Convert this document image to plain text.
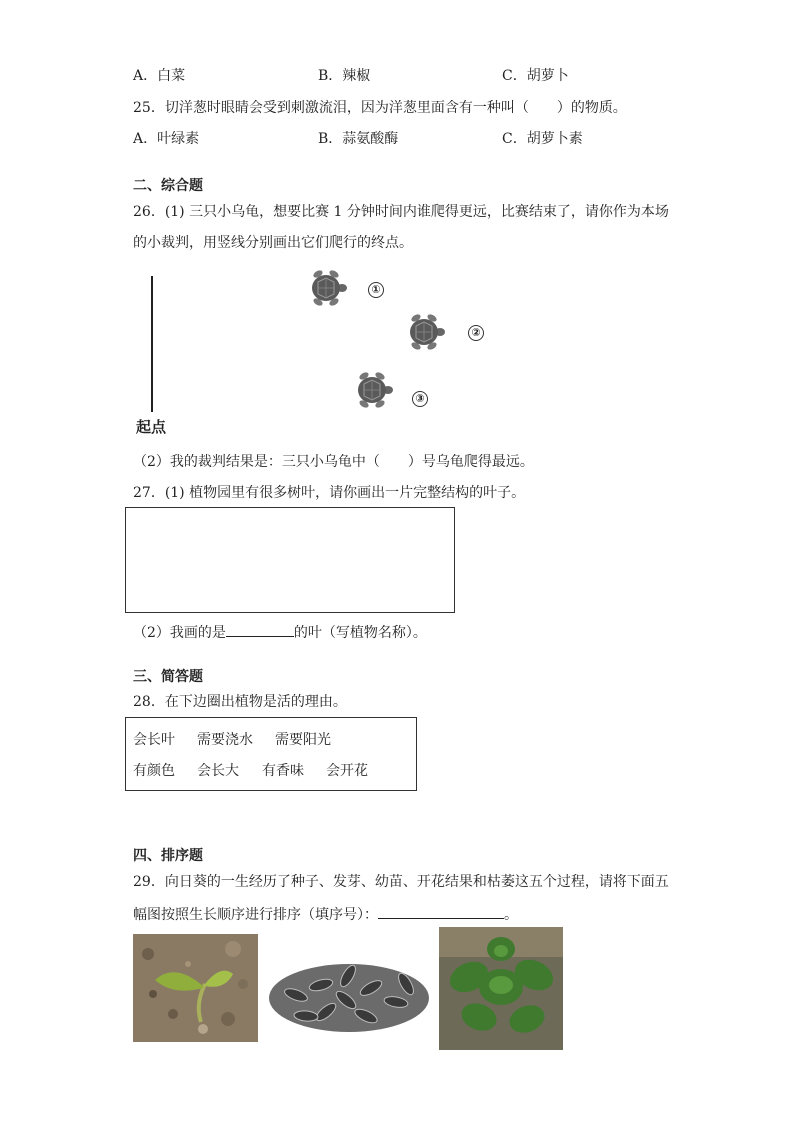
A．白菜	B．辣椒	C．胡萝卜
25．切洋葱时眼睛会受到刺激流泪，因为洋葱里面含有一种叫（　　）的物质。
A．叶绿素	B．蒜氨酸酶	C．胡萝卜素
二、综合题
26．(1) 三只小乌龟，想要比赛 1 分钟时间内谁爬得更远，比赛结束了，请你作为本场
的小裁判，用竖线分别画出它们爬行的终点。
起点
①
②
③
（2）我的裁判结果是：三只小乌龟中（　　）号乌龟爬得最远。
27．(1) 植物园里有很多树叶，请你画出一片完整结构的叶子。
（2）我画的是	的叶（写植物名称）。
三、简答题
28．在下边圈出植物是活的理由。
会长叶 需要浇水 需要阳光
有颜色 会长大 有香味 会开花
四、排序题
29．向日葵的一生经历了种子、发芽、幼苗、开花结果和枯萎这五个过程，请将下面五
幅图按照生长顺序进行排序（填序号）：	。
